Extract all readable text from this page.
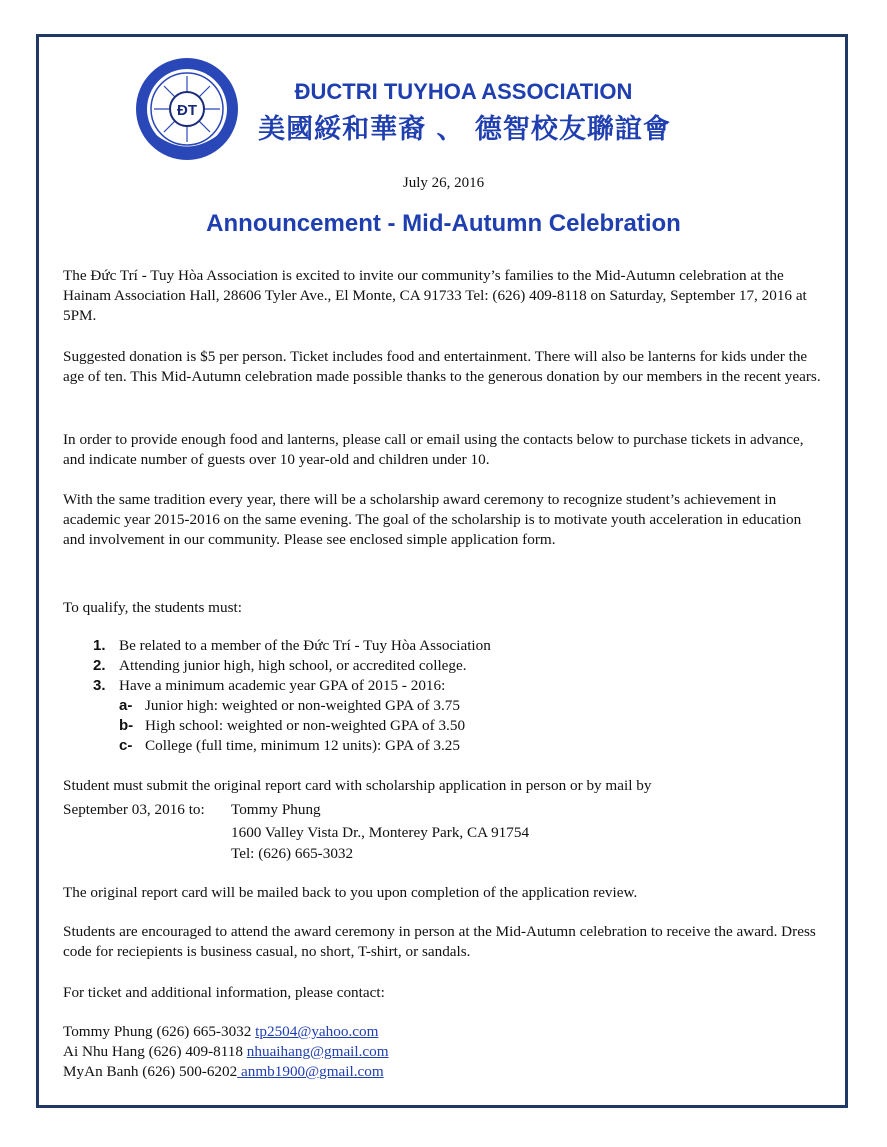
ĐT
ĐUCTRI TUYHOA ASSOCIATION
美國綏和華裔 、 德智校友聯誼會
July 26, 2016
Announcement - Mid-Autumn Celebration

The Đức Trí - Tuy Hòa Association is excited to invite our community’s families to the Mid-Autumn celebration at the Hainam Association Hall, 28606 Tyler Ave., El Monte, CA 91733 Tel: (626) 409-8118 on Saturday, September 17, 2016 at 5PM.

Suggested donation is $5 per person. Ticket includes food and entertainment. There will also be lanterns for kids under the age of ten. This Mid-Autumn celebration made possible thanks to the generous donation by our members in the recent years.

In order to provide enough food and lanterns, please call or email using the contacts below to purchase tickets in advance, and indicate number of guests over 10 year-old and children under 10.

With the same tradition every year, there will be a scholarship award ceremony to recognize student’s achievement in academic year 2015-2016 on the same evening. The goal of the scholarship is to motivate youth acceleration in education and involvement in our community. Please see enclosed simple application form.

To qualify, the students must:

1. Be related to a member of the Đức Trí - Tuy Hòa Association
2. Attending junior high, high school, or accredited college.
3. Have a minimum academic year GPA of 2015 - 2016:
a- Junior high: weighted or non-weighted GPA of 3.75
b- High school: weighted or non-weighted GPA of 3.50
c- College (full time, minimum 12 units): GPA of 3.25

Student must submit the original report card with scholarship application in person or by mail by

September 03, 2016 to: Tommy Phung
1600 Valley Vista Dr., Monterey Park, CA 91754
Tel: (626) 665-3032

The original report card will be mailed back to you upon completion of the application review.

Students are encouraged to attend the award ceremony in person at the Mid-Autumn celebration to receive the award. Dress code for reciepients is business casual, no short, T-shirt, or sandals.

For ticket and additional information, please contact:

Tommy Phung (626) 665-3032 tp2504@yahoo.com
Ai Nhu Hang (626) 409-8118 nhuaihang@gmail.com
MyAn Banh (626) 500-6202 anmb1900@gmail.com
